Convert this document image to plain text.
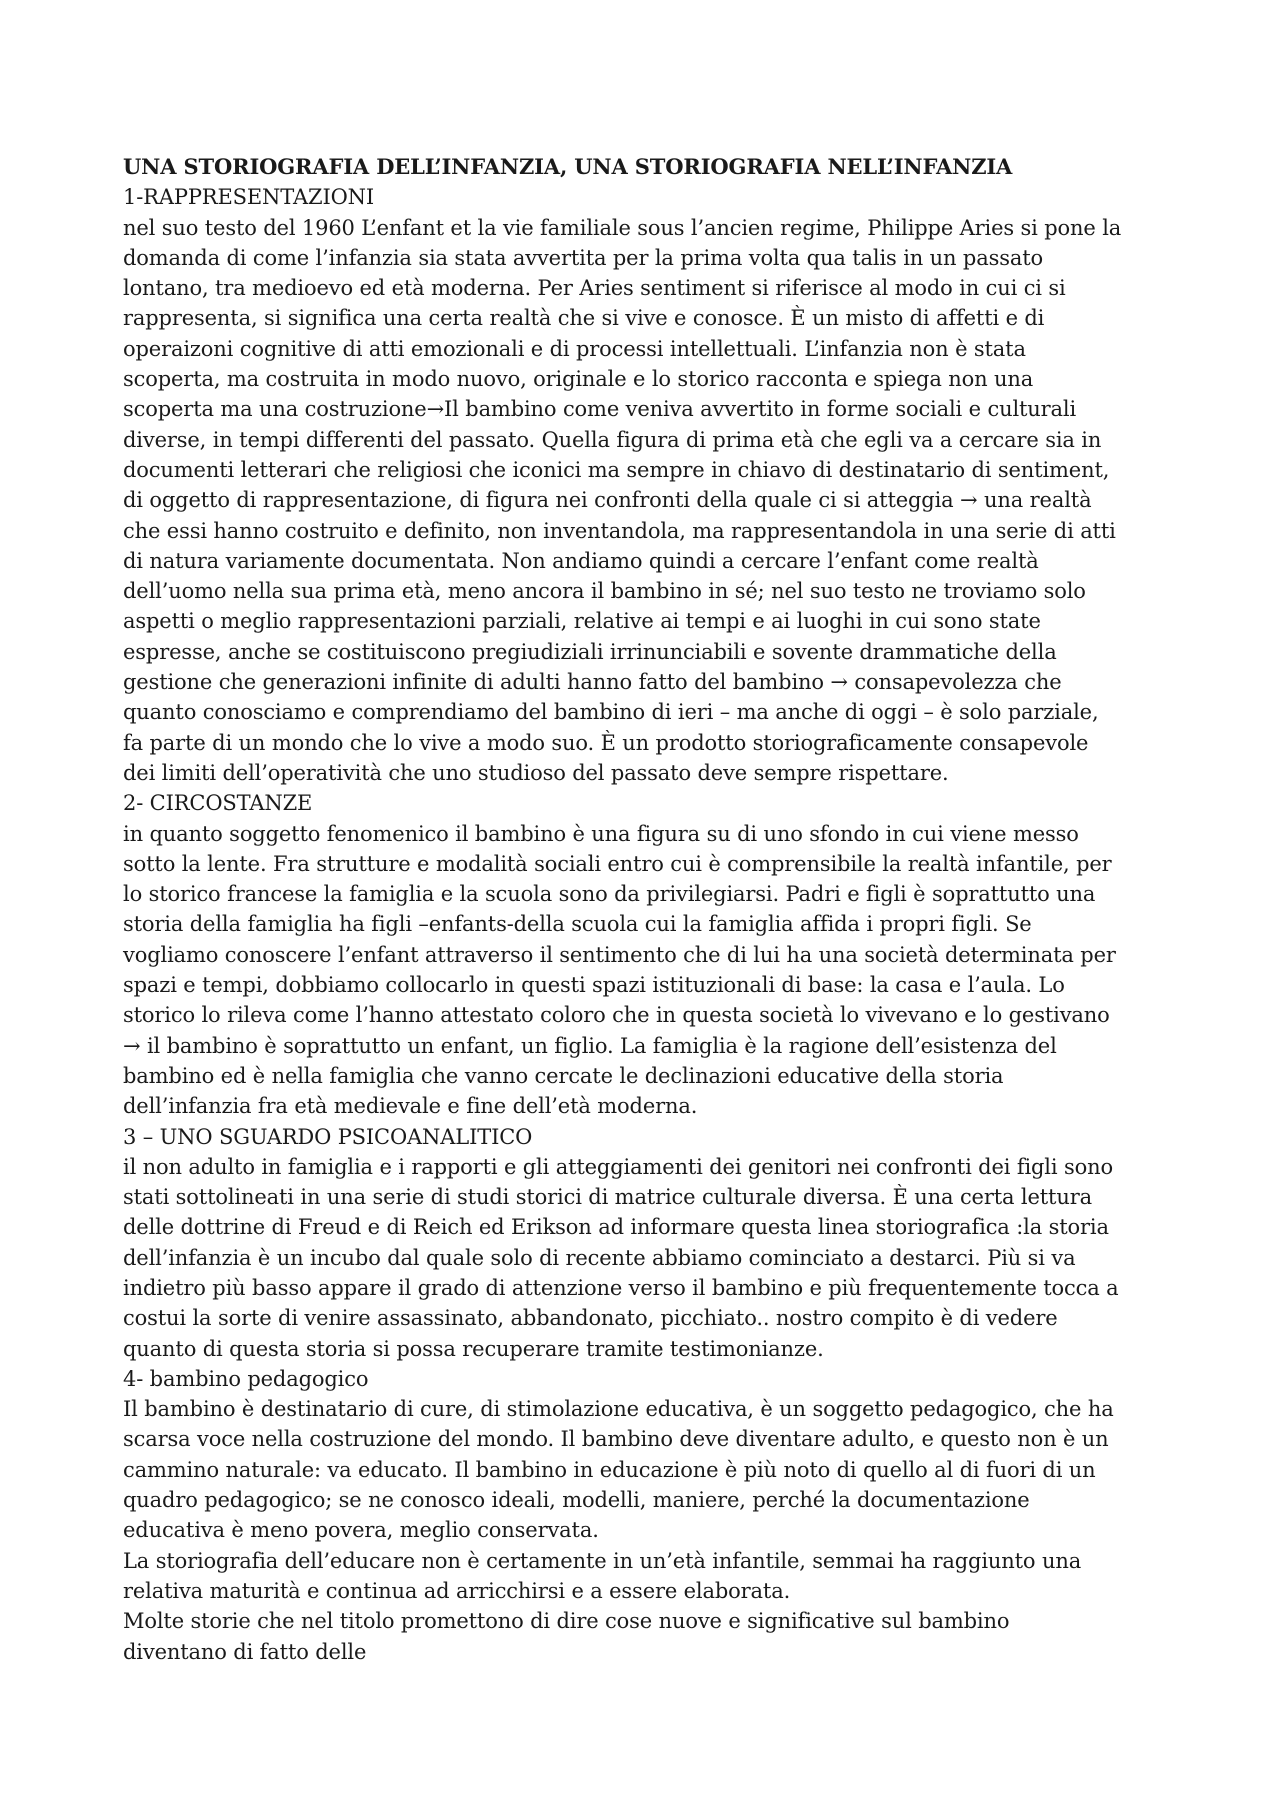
UNA STORIOGRAFIA DELL’INFANZIA, UNA STORIOGRAFIA NELL’INFANZIA
1-RAPPRESENTAZIONI
nel suo testo del 1960 L’enfant et la vie familiale sous l’ancien regime, Philippe Aries si pone la
domanda di come l’infanzia sia stata avvertita per la prima volta qua talis in un passato
lontano, tra medioevo ed età moderna. Per Aries sentiment si riferisce al modo in cui ci si
rappresenta, si significa una certa realtà che si vive e conosce. È un misto di affetti e di
operaizoni cognitive di atti emozionali e di processi intellettuali. L’infanzia non è stata
scoperta, ma costruita in modo nuovo, originale e lo storico racconta e spiega non una
scoperta ma una costruzione→Il bambino come veniva avvertito in forme sociali e culturali
diverse, in tempi differenti del passato. Quella figura di prima età che egli va a cercare sia in
documenti letterari che religiosi che iconici ma sempre in chiavo di destinatario di sentiment,
di oggetto di rappresentazione, di figura nei confronti della quale ci si atteggia → una realtà
che essi hanno costruito e definito, non inventandola, ma rappresentandola in una serie di atti
di natura variamente documentata. Non andiamo quindi a cercare l’enfant come realtà
dell’uomo nella sua prima età, meno ancora il bambino in sé; nel suo testo ne troviamo solo
aspetti o meglio rappresentazioni parziali, relative ai tempi e ai luoghi in cui sono state
espresse, anche se costituiscono pregiudiziali irrinunciabili e sovente drammatiche della
gestione che generazioni infinite di adulti hanno fatto del bambino → consapevolezza che
quanto conosciamo e comprendiamo del bambino di ieri – ma anche di oggi – è solo parziale,
fa parte di un mondo che lo vive a modo suo. È un prodotto storiograficamente consapevole
dei limiti dell’operatività che uno studioso del passato deve sempre rispettare.
2- CIRCOSTANZE
in quanto soggetto fenomenico il bambino è una figura su di uno sfondo in cui viene messo
sotto la lente. Fra strutture e modalità sociali entro cui è comprensibile la realtà infantile, per
lo storico francese la famiglia e la scuola sono da privilegiarsi. Padri e figli è soprattutto una
storia della famiglia ha figli –enfants-della scuola cui la famiglia affida i propri figli. Se
vogliamo conoscere l’enfant attraverso il sentimento che di lui ha una società determinata per
spazi e tempi, dobbiamo collocarlo in questi spazi istituzionali di base: la casa e l’aula. Lo
storico lo rileva come l’hanno attestato coloro che in questa società lo vivevano e lo gestivano
→ il bambino è soprattutto un enfant, un figlio. La famiglia è la ragione dell’esistenza del
bambino ed è nella famiglia che vanno cercate le declinazioni educative della storia
dell’infanzia fra età medievale e fine dell’età moderna.
3 – UNO SGUARDO PSICOANALITICO
il non adulto in famiglia e i rapporti e gli atteggiamenti dei genitori nei confronti dei figli sono
stati sottolineati in una serie di studi storici di matrice culturale diversa. È una certa lettura
delle dottrine di Freud e di Reich ed Erikson ad informare questa linea storiografica :la storia
dell’infanzia è un incubo dal quale solo di recente abbiamo cominciato a destarci. Più si va
indietro più basso appare il grado di attenzione verso il bambino e più frequentemente tocca a
costui la sorte di venire assassinato, abbandonato, picchiato.. nostro compito è di vedere
quanto di questa storia si possa recuperare tramite testimonianze.
4- bambino pedagogico
Il bambino è destinatario di cure, di stimolazione educativa, è un soggetto pedagogico, che ha
scarsa voce nella costruzione del mondo. Il bambino deve diventare adulto, e questo non è un
cammino naturale: va educato. Il bambino in educazione è più noto di quello al di fuori di un
quadro pedagogico; se ne conosco ideali, modelli, maniere, perché la documentazione
educativa è meno povera, meglio conservata.
La storiografia dell’educare non è certamente in un’età infantile, semmai ha raggiunto una
relativa maturità e continua ad arricchirsi e a essere elaborata.
Molte storie che nel titolo promettono di dire cose nuove e significative sul bambino
diventano di fatto delle
